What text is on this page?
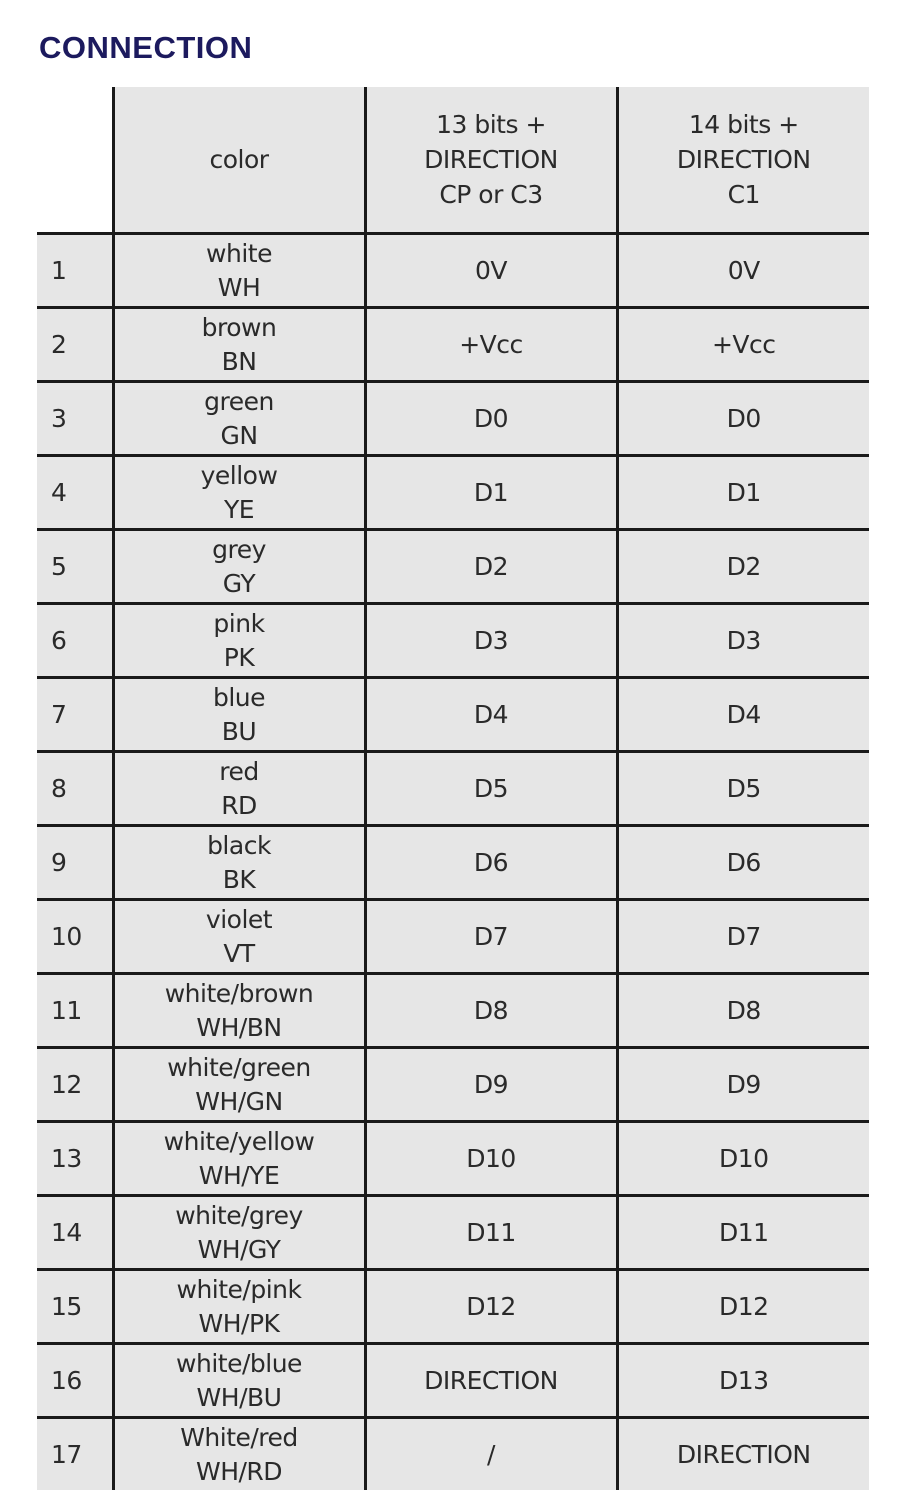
CONNECTION
	color	13 bits +
DIRECTION
CP or C3	14 bits +
DIRECTION
C1

1	white
WH	0V	0V
2	brown
BN	+Vcc	+Vcc
3	green
GN	D0	D0
4	yellow
YE	D1	D1
5	grey
GY	D2	D2
6	pink
PK	D3	D3
7	blue
BU	D4	D4
8	red
RD	D5	D5
9	black
BK	D6	D6
10	violet
VT	D7	D7
11	white/brown
WH/BN	D8	D8
12	white/green
WH/GN	D9	D9
13	white/yellow
WH/YE	D10	D10
14	white/grey
WH/GY	D11	D11
15	white/pink
WH/PK	D12	D12
16	white/blue
WH/BU	DIRECTION	D13
17	White/red
WH/RD	/	DIRECTION
